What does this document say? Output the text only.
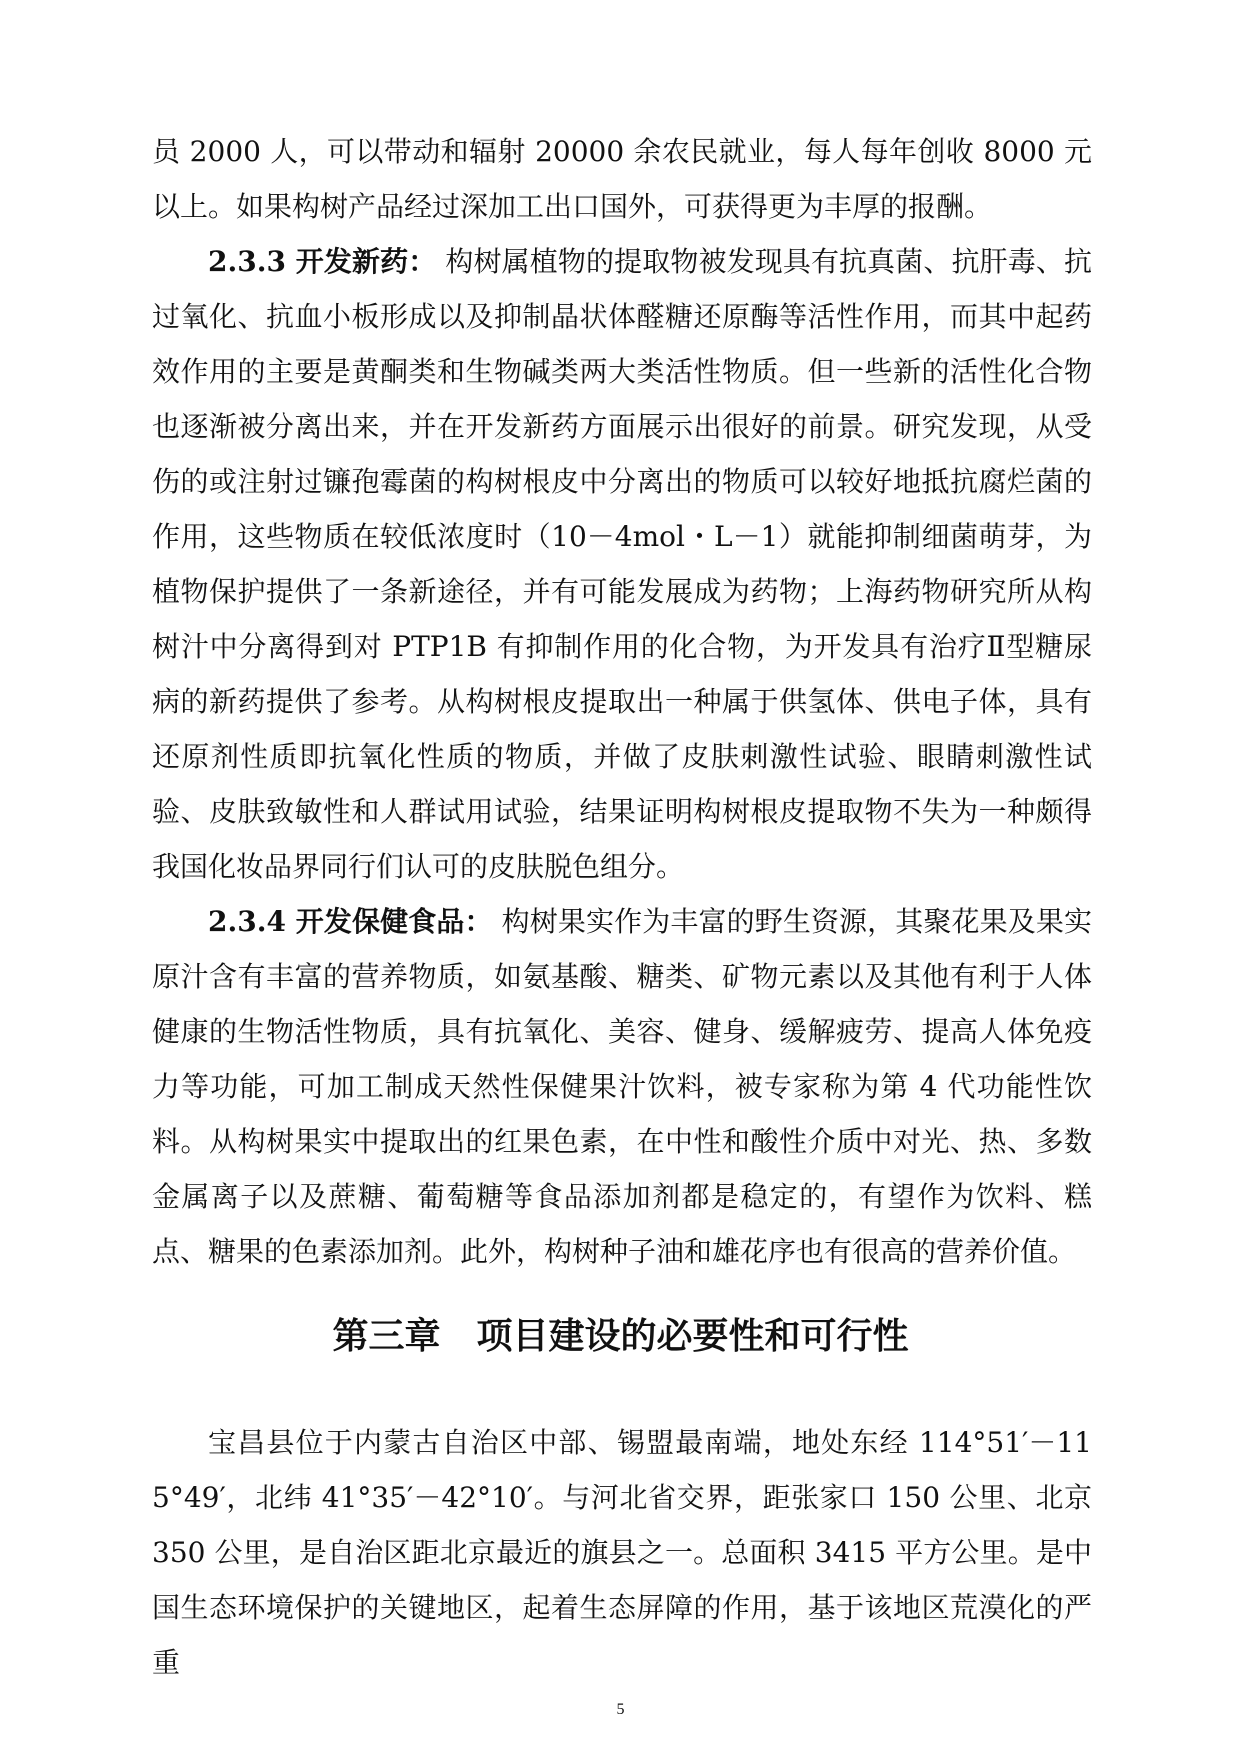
员 2000 人，可以带动和辐射 20000 余农民就业，每人每年创收 8000 元以上。如果构树产品经过深加工出口国外，可获得更为丰厚的报酬。

2.3.3 开发新药： 构树属植物的提取物被发现具有抗真菌、抗肝毒、抗过氧化、抗血小板形成以及抑制晶状体醛糖还原酶等活性作用，而其中起药效作用的主要是黄酮类和生物碱类两大类活性物质。但一些新的活性化合物也逐渐被分离出来，并在开发新药方面展示出很好的前景。研究发现，从受伤的或注射过镰孢霉菌的构树根皮中分离出的物质可以较好地抵抗腐烂菌的作用，这些物质在较低浓度时（10－4mol・L－1）就能抑制细菌萌芽，为植物保护提供了一条新途径，并有可能发展成为药物；上海药物研究所从构树汁中分离得到对 PTP1B 有抑制作用的化合物，为开发具有治疗Ⅱ型糖尿病的新药提供了参考。从构树根皮提取出一种属于供氢体、供电子体，具有还原剂性质即抗氧化性质的物质，并做了皮肤刺激性试验、眼睛刺激性试验、皮肤致敏性和人群试用试验，结果证明构树根皮提取物不失为一种颇得我国化妆品界同行们认可的皮肤脱色组分。

2.3.4 开发保健食品： 构树果实作为丰富的野生资源，其聚花果及果实原汁含有丰富的营养物质，如氨基酸、糖类、矿物元素以及其他有利于人体健康的生物活性物质，具有抗氧化、美容、健身、缓解疲劳、提高人体免疫力等功能，可加工制成天然性保健果汁饮料，被专家称为第 4 代功能性饮料。从构树果实中提取出的红果色素，在中性和酸性介质中对光、热、多数金属离子以及蔗糖、葡萄糖等食品添加剂都是稳定的，有望作为饮料、糕点、糖果的色素添加剂。此外，构树种子油和雄花序也有很高的营养价值。

第三章　项目建设的必要性和可行性

宝昌县位于内蒙古自治区中部、锡盟最南端，地处东经 114°51′－115°49′，北纬 41°35′－42°10′。与河北省交界，距张家口 150 公里、北京 350 公里，是自治区距北京最近的旗县之一。总面积 3415 平方公里。是中国生态环境保护的关键地区，起着生态屏障的作用，基于该地区荒漠化的严重

5
